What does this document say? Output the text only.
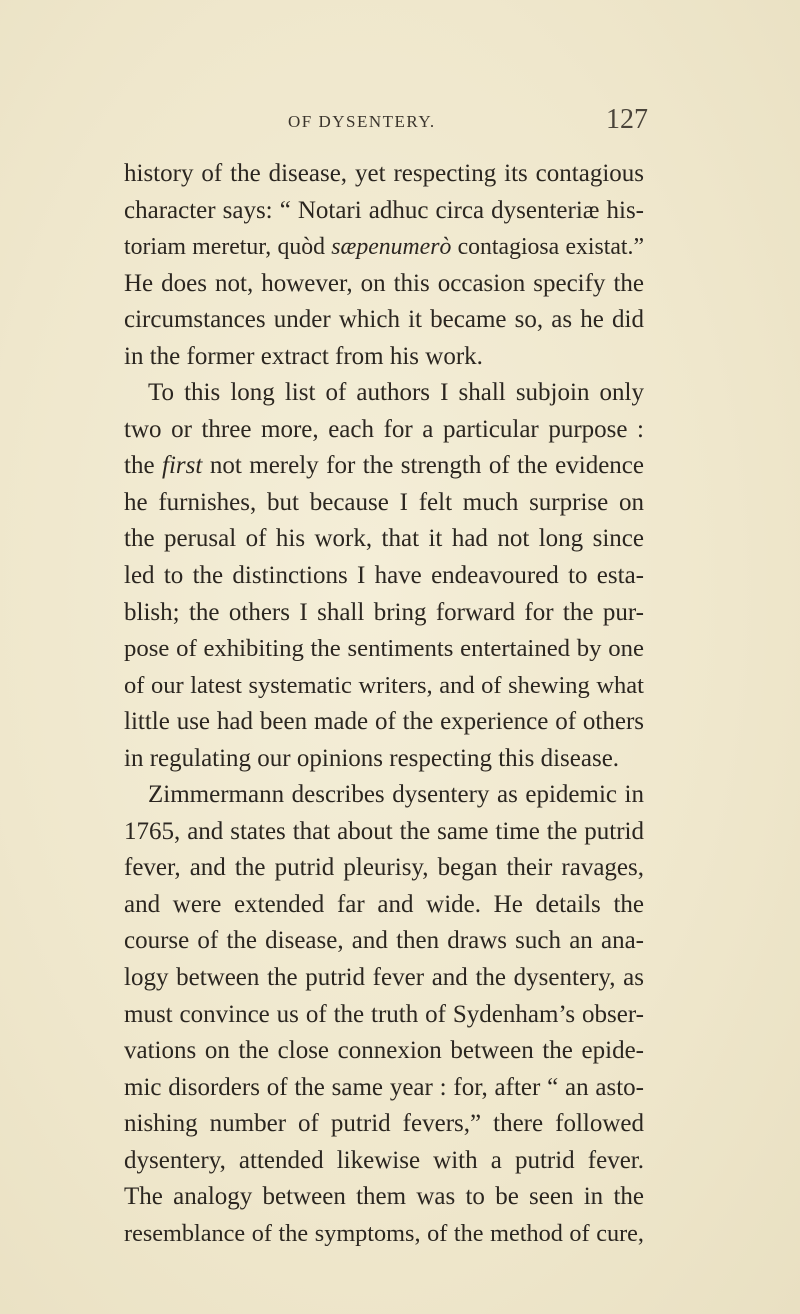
OF DYSENTERY.	127
history of the disease, yet respecting its contagious
character says: “ Notari adhuc circa dysenteriæ his-
toriam meretur, quòd sæpenumerò contagiosa existat.”
He does not, however, on this occasion specify the
circumstances under which it became so, as he did
in the former extract from his work.
To this long list of authors I shall subjoin only
two or three more, each for a particular purpose :
the first not merely for the strength of the evidence
he furnishes, but because I felt much surprise on
the perusal of his work, that it had not long since
led to the distinctions I have endeavoured to esta-
blish; the others I shall bring forward for the pur-
pose of exhibiting the sentiments entertained by one
of our latest systematic writers, and of shewing what
little use had been made of the experience of others
in regulating our opinions respecting this disease.
Zimmermann describes dysentery as epidemic in
1765, and states that about the same time the putrid
fever, and the putrid pleurisy, began their ravages,
and were extended far and wide. He details the
course of the disease, and then draws such an ana-
logy between the putrid fever and the dysentery, as
must convince us of the truth of Sydenham’s obser-
vations on the close connexion between the epide-
mic disorders of the same year : for, after “ an asto-
nishing number of putrid fevers,” there followed
dysentery, attended likewise with a putrid fever.
The analogy between them was to be seen in the
resemblance of the symptoms, of the method of cure,
